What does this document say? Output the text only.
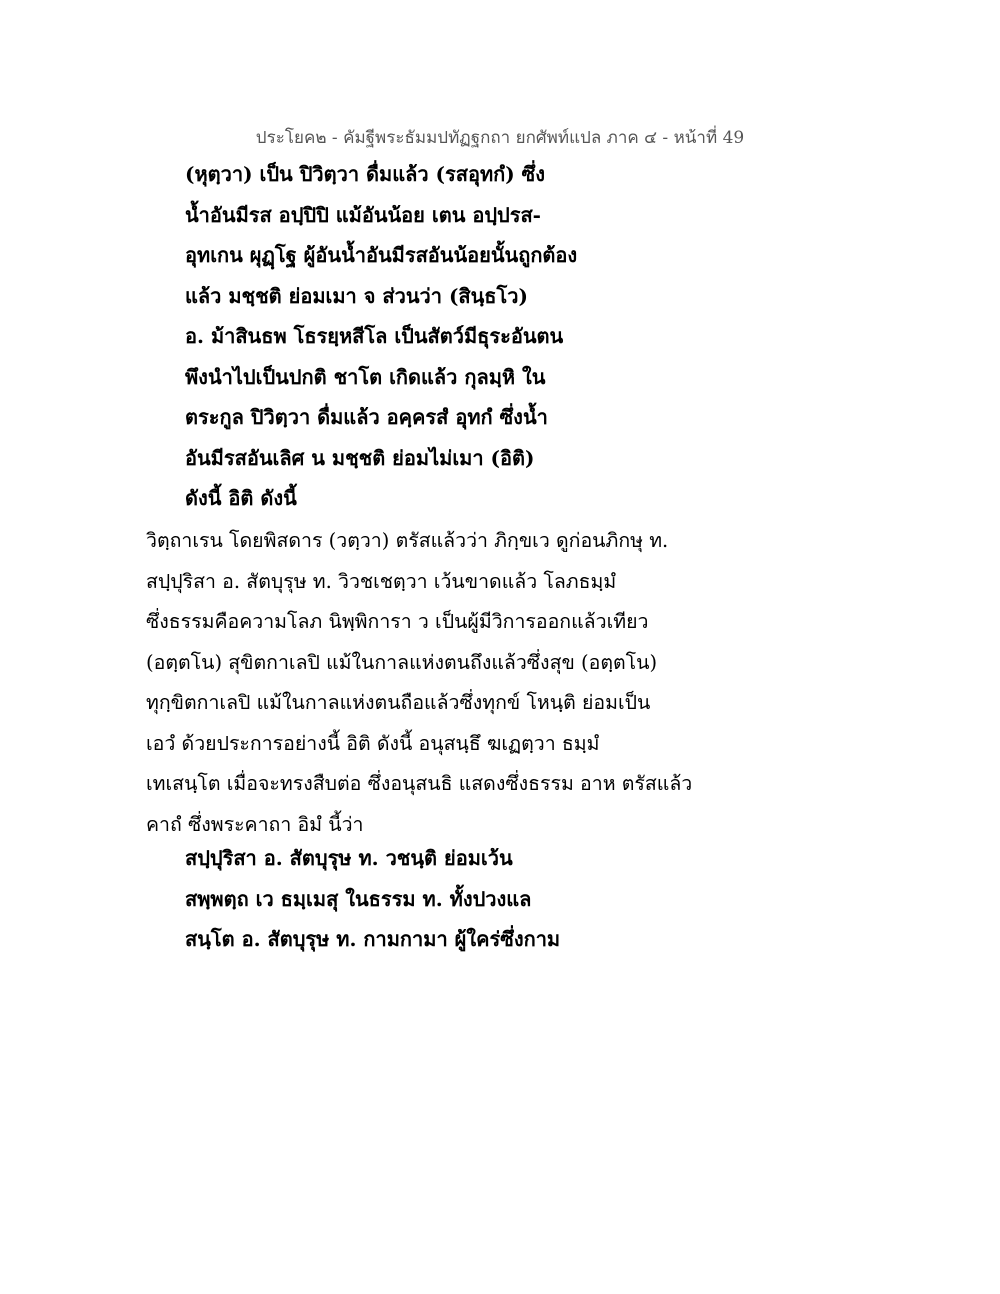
ประโยค๒ - คัมฐีพระธัมมปทัฏฐกถา ยกศัพท์แปล ภาค ๔ - หน้าที่ 49
(หุตฺวา) เป็น ปิวิตฺวา ดื่มแล้ว (รสอุทกํ) ซึ่ง
น้ำอันมีรส อปฺปิปิ แม้อันน้อย เตน อปฺปรส-
อุทเกน ผุฏฺโฐ ผู้อันน้ำอันมีรสอันน้อยนั้นถูกต้อง
แล้ว มชฺชติ ย่อมเมา จ ส่วนว่า (สินฺธโว)
อ. ม้าสินธพ โธรยฺหสีโล เป็นสัตว์มีธุระอันตน
พึงนำไปเป็นปกติ ชาโต เกิดแล้ว กุลมฺหิ ใน
ตระกูล ปิวิตฺวา ดื่มแล้ว อคฺครสํ อุทกํ ซึ่งน้ำ
อันมีรสอันเลิศ น มชฺชติ ย่อมไม่เมา (อิติ)
ดังนี้ อิติ ดังนี้
วิตฺถาเรน โดยพิสดาร (วตฺวา) ตรัสแล้วว่า ภิกฺขเว ดูก่อนภิกษุ ท.
สปฺปุริสา อ. สัตบุรุษ ท. วิวชเชตฺวา เว้นขาดแล้ว โลภธมฺมํ
ซึ่งธรรมคือความโลภ นิพฺพิการา ว เป็นผู้มีวิการออกแล้วเทียว
(อตฺตโน) สุขิตกาเลปิ แม้ในกาลแห่งตนถึงแล้วซึ่งสุข (อตฺตโน)
ทุกฺขิตกาเลปิ แม้ในกาลแห่งตนถือแล้วซึ่งทุกข์ โหนฺติ ย่อมเป็น
เอวํ ด้วยประการอย่างนี้ อิติ ดังนี้ อนุสนฺธึ ฆเฏตฺวา ธมฺมํ
เทเสนฺโต เมื่อจะทรงสืบต่อ ซึ่งอนุสนธิ แสดงซึ่งธรรม อาห ตรัสแล้ว
คาถํ ซึ่งพระคาถา อิมํ นี้ว่า
สปฺปุริสา อ. สัตบุรุษ ท. วชนฺติ ย่อมเว้น
สพฺพตฺถ เว ธมฺเมสุ ในธรรม ท. ทั้งปวงแล
สนฺโต อ. สัตบุรุษ ท. กามกามา ผู้ใคร่ซึ่งกาม
